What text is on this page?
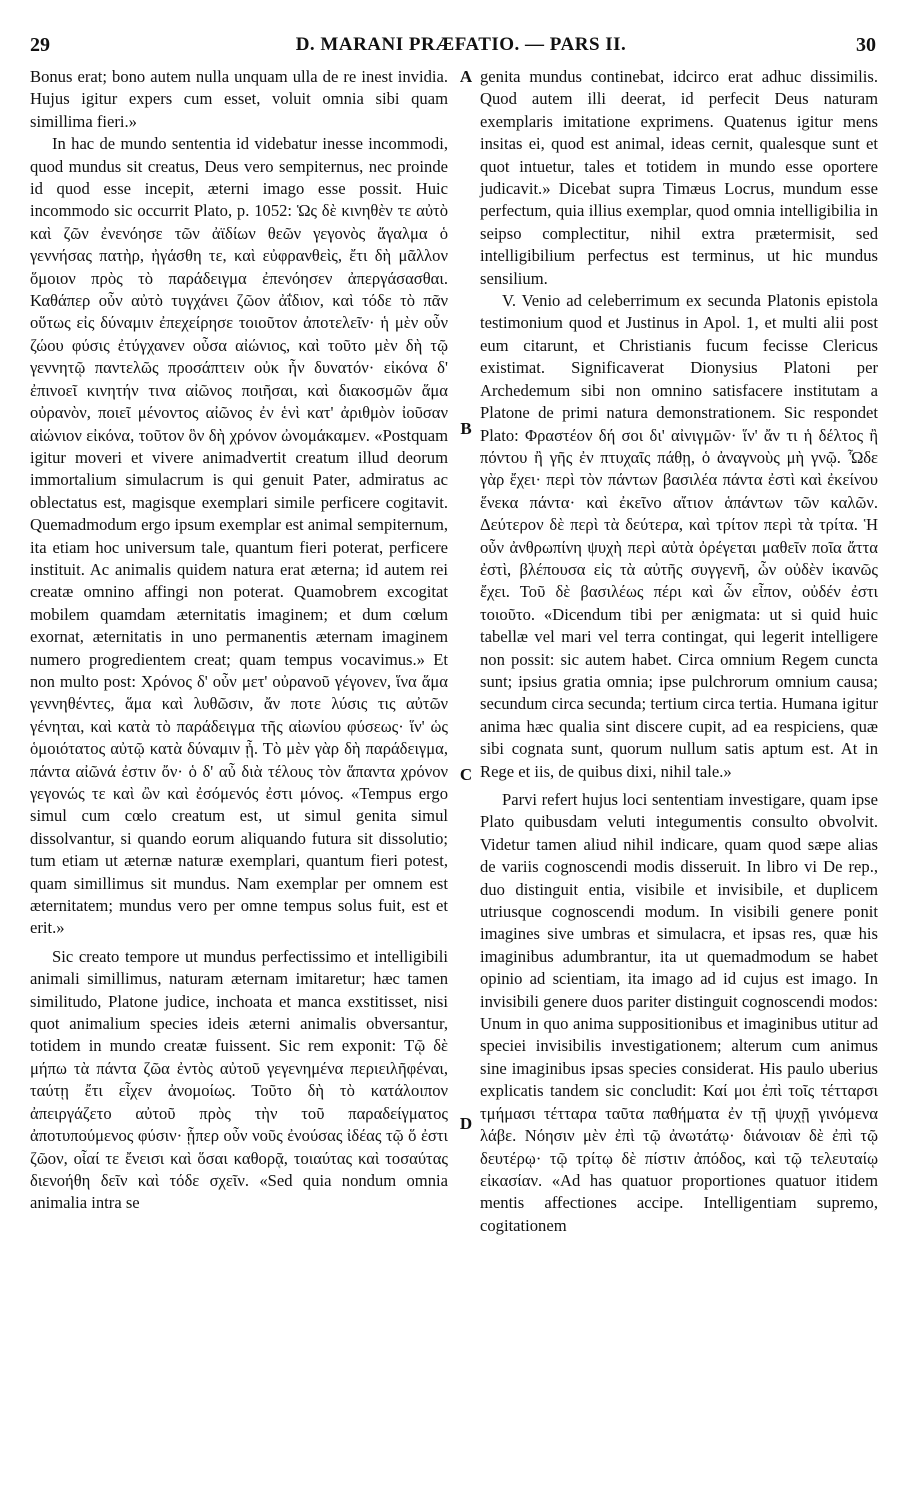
29	D. MARANI PRÆFATIO. — PARS II.	30

Bonus erat; bono autem nulla unquam ulla de re inest invidia. Hujus igitur expers cum esset, voluit omnia sibi quam simillima fieri.»

In hac de mundo sententia id videbatur inesse incommodi, quod mundus sit creatus, Deus vero sempiternus, nec proinde id quod esse incepit, æterni imago esse possit. Huic incommodo sic occurrit Plato, p. 1052: Ὡς δὲ κινηθὲν τε αὐτὸ καὶ ζῶν ἐνενόησε τῶν ἀϊδίων θεῶν γεγονὸς ἄγαλμα ὁ γεννήσας πατὴρ, ἠγάσθη τε, καὶ εὐφρανθεὶς, ἔτι δὴ μᾶλλον ὅμοιον πρὸς τὸ παράδειγμα ἐπενόησεν ἀπεργάσασθαι. Καθάπερ οὖν αὐτὸ τυγχάνει ζῶον ἀΐδιον, καὶ τόδε τὸ πᾶν οὕτως εἰς δύναμιν ἐπεχείρησε τοιοῦτον ἀποτελεῖν· ἡ μὲν οὖν ζώου φύσις ἐτύγχανεν οὖσα αἰώνιος, καὶ τοῦτο μὲν δὴ τῷ γεννητῷ παντελῶς προσάπτειν οὐκ ἦν δυνατόν· εἰκόνα δ' ἐπινοεῖ κινητήν τινα αἰῶνος ποιῆσαι, καὶ διακοσμῶν ἅμα οὐρανὸν, ποιεῖ μένοντος αἰῶνος ἐν ἑνὶ κατ' ἀριθμὸν ἰοῦσαν αἰώνιον εἰκόνα, τοῦτον ὃν δὴ χρόνον ὠνομάκαμεν. «Postquam igitur moveri et vivere animadvertit creatum illud deorum immortalium simulacrum is qui genuit Pater, admiratus ac oblectatus est, magisque exemplari simile perficere cogitavit. Quemadmodum ergo ipsum exemplar est animal sempiternum, ita etiam hoc universum tale, quantum fieri poterat, perficere instituit. Ac animalis quidem natura erat æterna; id autem rei creatæ omnino affingi non poterat. Quamobrem excogitat mobilem quamdam æternitatis imaginem; et dum cœlum exornat, æternitatis in uno permanentis æternam imaginem numero progredientem creat; quam tempus vocavimus.» Et non multo post: Χρόνος δ' οὖν μετ' οὐρανοῦ γέγονεν, ἵνα ἅμα γεννηθέντες, ἅμα καὶ λυθῶσιν, ἄν ποτε λύσις τις αὐτῶν γένηται, καὶ κατὰ τὸ παράδειγμα τῆς αἰωνίου φύσεως· ἵν' ὡς ὁμοιότατος αὐτῷ κατὰ δύναμιν ᾖ. Τὸ μὲν γὰρ δὴ παράδειγμα, πάντα αἰῶνά ἐστιν ὄν· ὁ δ' αὖ διὰ τέλους τὸν ἅπαντα χρόνον γεγονώς τε καὶ ὢν καὶ ἐσόμενός ἐστι μόνος. «Tempus ergo simul cum cœlo creatum est, ut simul genita simul dissolvantur, si quando eorum aliquando futura sit dissolutio; tum etiam ut æternæ naturæ exemplari, quantum fieri potest, quam simillimus sit mundus. Nam exemplar per omnem est æternitatem; mundus vero per omne tempus solus fuit, est et erit.»

Sic creato tempore ut mundus perfectissimo et intelligibili animali simillimus, naturam æternam imitaretur; hæc tamen similitudo, Platone judice, inchoata et manca exstitisset, nisi quot animalium species ideis æterni animalis obversantur, totidem in mundo creatæ fuissent. Sic rem exponit: Τῷ δὲ μήπω τὰ πάντα ζῶα ἐντὸς αὐτοῦ γεγενημένα περιειλῆφέναι, ταύτῃ ἔτι εἶχεν ἀνομοίως. Τοῦτο δὴ τὸ κατάλοιπον ἀπειργάζετο αὐτοῦ πρὸς τὴν τοῦ παραδείγματος ἀποτυπούμενος φύσιν· ᾗπερ οὖν νοῦς ἐνούσας ἰδέας τῷ ὅ ἐστι ζῶον, οἷαί τε ἔνεισι καὶ ὅσαι καθορᾷ, τοιαύτας καὶ τοσαύτας διενοήθη δεῖν καὶ τόδε σχεῖν. «Sed quia nondum omnia animalia intra se

A
B
C
D

genita mundus continebat, idcirco erat adhuc dissimilis. Quod autem illi deerat, id perfecit Deus naturam exemplaris imitatione exprimens. Quatenus igitur mens insitas ei, quod est animal, ideas cernit, qualesque sunt et quot intuetur, tales et totidem in mundo esse oportere judicavit.» Dicebat supra Timæus Locrus, mundum esse perfectum, quia illius exemplar, quod omnia intelligibilia in seipso complectitur, nihil extra prætermisit, sed intelligibilium perfectus est terminus, ut hic mundus sensilium.

V. Venio ad celeberrimum ex secunda Platonis epistola testimonium quod et Justinus in Apol. 1, et multi alii post eum citarunt, et Christianis fucum fecisse Clericus existimat. Significaverat Dionysius Platoni per Archedemum sibi non omnino satisfacere institutam a Platone de primi natura demonstrationem. Sic respondet Plato: Φραστέον δή σοι δι' αἰνιγμῶν· ἵν' ἄν τι ἡ δέλτος ἢ πόντου ἢ γῆς ἐν πτυχαῖς πάθῃ, ὁ ἀναγνοὺς μὴ γνῷ. Ὧδε γὰρ ἔχει· περὶ τὸν πάντων βασιλέα πάντα ἐστὶ καὶ ἐκείνου ἕνεκα πάντα· καὶ ἐκεῖνο αἴτιον ἁπάντων τῶν καλῶν. Δεύτερον δὲ περὶ τὰ δεύτερα, καὶ τρίτον περὶ τὰ τρίτα. Ἡ οὖν ἀνθρωπίνη ψυχὴ περὶ αὐτὰ ὀρέγεται μαθεῖν ποῖα ἄττα ἐστὶ, βλέπουσα εἰς τὰ αὐτῆς συγγενῆ, ὧν οὐδὲν ἱκανῶς ἔχει. Τοῦ δὲ βασιλέως πέρι καὶ ὧν εἶπον, οὐδέν ἐστι τοιοῦτο. «Dicendum tibi per ænigmata: ut si quid huic tabellæ vel mari vel terra contingat, qui legerit intelligere non possit: sic autem habet. Circa omnium Regem cuncta sunt; ipsius gratia omnia; ipse pulchrorum omnium causa; secundum circa secunda; tertium circa tertia. Humana igitur anima hæc qualia sint discere cupit, ad ea respiciens, quæ sibi cognata sunt, quorum nullum satis aptum est. At in Rege et iis, de quibus dixi, nihil tale.»

Parvi refert hujus loci sententiam investigare, quam ipse Plato quibusdam veluti integumentis consulto obvolvit. Videtur tamen aliud nihil indicare, quam quod sæpe alias de variis cognoscendi modis disseruit. In libro vi De rep., duo distinguit entia, visibile et invisibile, et duplicem utriusque cognoscendi modum. In visibili genere ponit imagines sive umbras et simulacra, et ipsas res, quæ his imaginibus adumbrantur, ita ut quemadmodum se habet opinio ad scientiam, ita imago ad id cujus est imago. In invisibili genere duos pariter distinguit cognoscendi modos: Unum in quo anima suppositionibus et imaginibus utitur ad speciei invisibilis investigationem; alterum cum animus sine imaginibus ipsas species considerat. His paulo uberius explicatis tandem sic concludit: Καί μοι ἐπὶ τοῖς τέτταρσι τμήμασι τέτταρα ταῦτα παθήματα ἐν τῇ ψυχῇ γινόμενα λάβε. Νόησιν μὲν ἐπὶ τῷ ἀνωτάτῳ· διάνοιαν δὲ ἐπὶ τῷ δευτέρῳ· τῷ τρίτῳ δὲ πίστιν ἀπόδος, καὶ τῷ τελευταίῳ εἰκασίαν. «Ad has quatuor proportiones quatuor itidem mentis affectiones accipe. Intelligentiam supremo, cogitationem
